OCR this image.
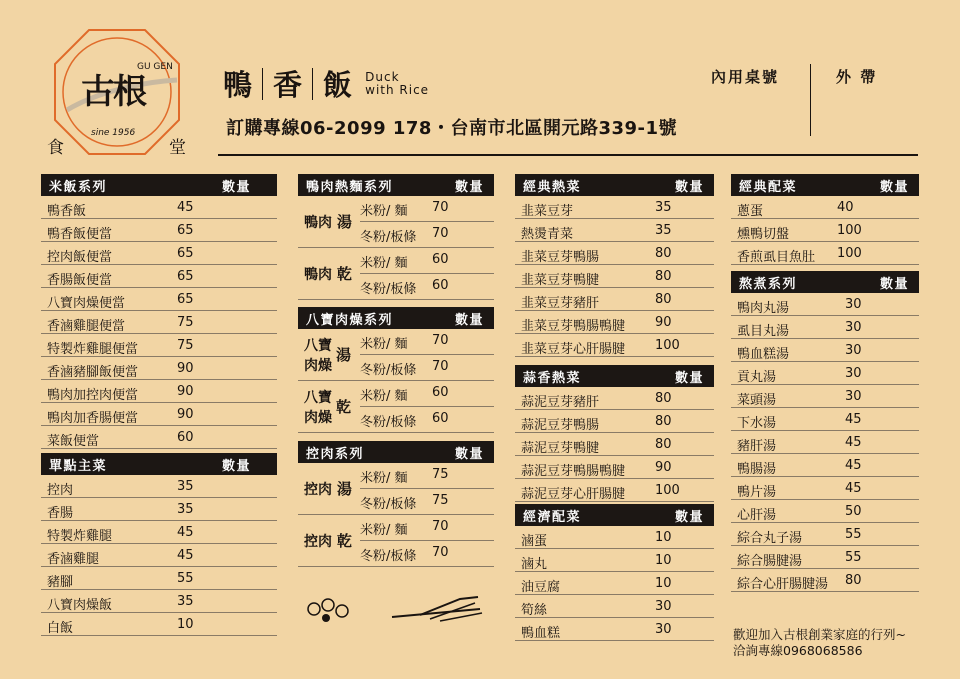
古根
GU GEN
sine 1956
食	堂
鴨 香 飯 Duck
with Rice
訂購專線06-2099 178・台南市北區開元路339-1號
內用桌號	外 帶
米飯系列	數量
鴨香飯	45
鴨香飯便當	65
控肉飯便當	65
香腸飯便當	65
八寶肉燥便當	65
香滷雞腿便當	75
特製炸雞腿便當	75
香滷豬腳飯便當	90
鴨肉加控肉便當	90
鴨肉加香腸便當	90
菜飯便當	60
單點主菜	數量
控肉	35
香腸	35
特製炸雞腿	45
香滷雞腿	45
豬腳	55
八寶肉燥飯	35
白飯	10
鴨肉熱麵系列	數量
鴨肉 湯
米粉/ 麵 70
冬粉/板條 70
鴨肉 乾
米粉/ 麵 60
冬粉/板條 60
八寶肉燥系列	數量
八寶 湯
肉燥
米粉/ 麵 70
冬粉/板條 70
八寶 乾
肉燥
米粉/ 麵 60
冬粉/板條 60
控肉系列	數量
控肉 湯
米粉/ 麵 75
冬粉/板條 75
控肉 乾
米粉/ 麵 70
冬粉/板條 70
經典熱菜	數量
韭菜豆芽	35
熱燙青菜	35
韭菜豆芽鴨腸	80
韭菜豆芽鴨腱	80
韭菜豆芽豬肝	80
韭菜豆芽鴨腸鴨腱 90
韭菜豆芽心肝腸腱 100
蒜香熱菜	數量
蒜泥豆芽豬肝	80
蒜泥豆芽鴨腸	80
蒜泥豆芽鴨腱	80
蒜泥豆芽鴨腸鴨腱 90
蒜泥豆芽心肝腸腱 100
經濟配菜	數量
滷蛋	10
滷丸	10
油豆腐	10
筍絲	30
鴨血糕	30
經典配菜	數量
蔥蛋	40
燻鴨切盤	100
香煎虱目魚肚 100
熬煮系列	數量
鴨肉丸湯	30
虱目丸湯	30
鴨血糕湯	30
貢丸湯	30
菜頭湯	30
下水湯	45
豬肝湯	45
鴨腸湯	45
鴨片湯	45
心肝湯	50
綜合丸子湯	55
綜合腸腱湯	55
綜合心肝腸腱湯 80
歡迎加入古根創業家庭的行列~
洽詢專線0968068586
